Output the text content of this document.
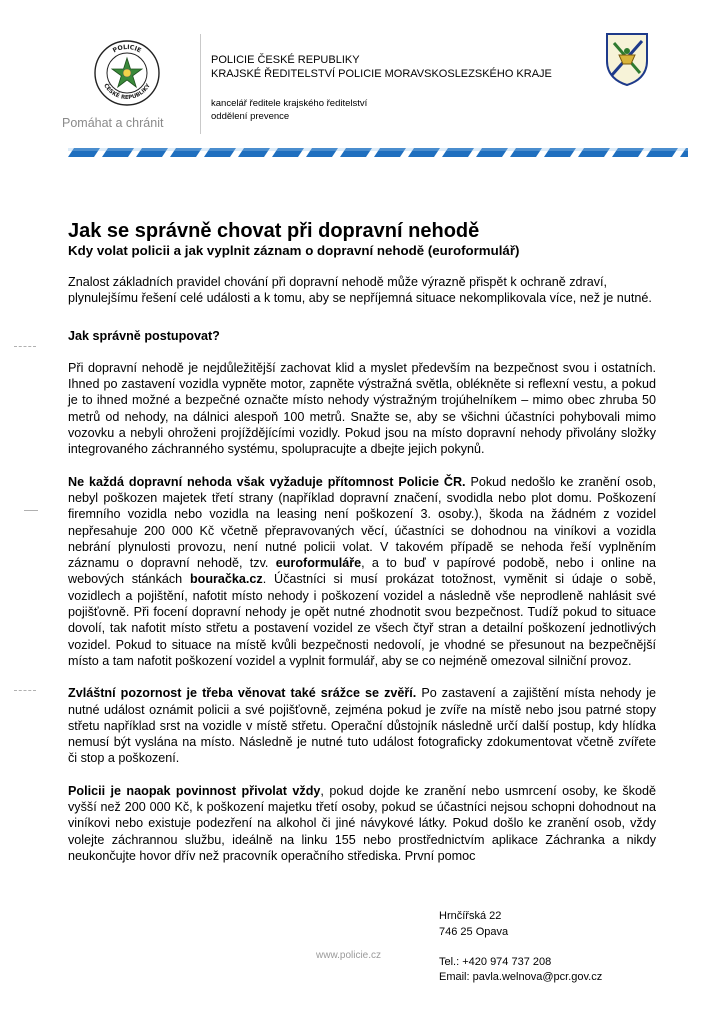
POLICIE
ČESKÉ REPUBLIKY
Pomáhat a chránit
POLICIE ČESKÉ REPUBLIKY
KRAJSKÉ ŘEDITELSTVÍ POLICIE MORAVSKOSLEZSKÉHO KRAJE
kancelář ředitele krajského ředitelství
oddělení prevence
Jak se správně chovat při dopravní nehodě
Kdy volat policii a jak vyplnit záznam o dopravní nehodě (euroformulář)

Znalost základních pravidel chování při dopravní nehodě může výrazně přispět k ochraně zdraví, plynulejšímu řešení celé události a k tomu, aby se nepříjemná situace nekomplikovala více, než je nutné.

Jak správně postupovat?

Při dopravní nehodě je nejdůležitější zachovat klid a myslet především na bezpečnost svou i ostatních. Ihned po zastavení vozidla vypněte motor, zapněte výstražná světla, oblékněte si reflexní vestu, a pokud je to ihned možné a bezpečné označte místo nehody výstražným trojúhelníkem – mimo obec zhruba 50 metrů od nehody, na dálnici alespoň 100 metrů. Snažte se, aby se všichni účastníci pohybovali mimo vozovku a nebyli ohroženi projíždějícími vozidly. Pokud jsou na místo dopravní nehody přivolány složky integrovaného záchranného systému, spolupracujte a dbejte jejich pokynů.

Ne každá dopravní nehoda však vyžaduje přítomnost Policie ČR. Pokud nedošlo ke zranění osob, nebyl poškozen majetek třetí strany (například dopravní značení, svodidla nebo plot domu. Poškození firemního vozidla nebo vozidla na leasing není poškození 3. osoby.), škoda na žádném z vozidel nepřesahuje 200 000 Kč včetně přepravovaných věcí, účastníci se dohodnou na viníkovi a vozidla nebrání plynulosti provozu, není nutné policii volat. V takovém případě se nehoda řeší vyplněním záznamu o dopravní nehodě, tzv. euroformuláře, a to buď v papírové podobě, nebo i online na webových stánkách bouračka.cz. Účastníci si musí prokázat totožnost, vyměnit si údaje o sobě, vozidlech a pojištění, nafotit místo nehody i poškození vozidel a následně vše neprodleně nahlásit své pojišťovně. Při focení dopravní nehody je opět nutné zhodnotit svou bezpečnost. Tudíž pokud to situace dovolí, tak nafotit místo střetu a postavení vozidel ze všech čtyř stran a detailní poškození jednotlivých vozidel. Pokud to situace na místě kvůli bezpečnosti nedovolí, je vhodné se přesunout na bezpečnější místo a tam nafotit poškození vozidel a vyplnit formulář, aby se co nejméně omezoval silniční provoz.

Zvláštní pozornost je třeba věnovat také srážce se zvěří. Po zastavení a zajištění místa nehody je nutné událost oznámit policii a své pojišťovně, zejména pokud je zvíře na místě nebo jsou patrné stopy střetu například srst na vozidle v místě střetu. Operační důstojník následně určí další postup, kdy hlídka nemusí být vyslána na místo. Následně je nutné tuto událost fotograficky zdokumentovat včetně zvířete či stop a poškození.

Policii je naopak povinnost přivolat vždy, pokud dojde ke zranění nebo usmrcení osoby, ke škodě vyšší než 200 000 Kč, k poškození majetku třetí osoby, pokud se účastníci nejsou schopni dohodnout na viníkovi nebo existuje podezření na alkohol či jiné návykové látky. Pokud došlo ke zranění osob, vždy volejte záchrannou službu, ideálně na linku 155 nebo prostřednictvím aplikace Záchranka a nikdy neukončujte hovor dřív než pracovník operačního střediska. První pomoc

www.policie.cz
Hrnčířská 22
746 25 Opava
Tel.: +420 974 737 208
Email: pavla.welnova@pcr.gov.cz
